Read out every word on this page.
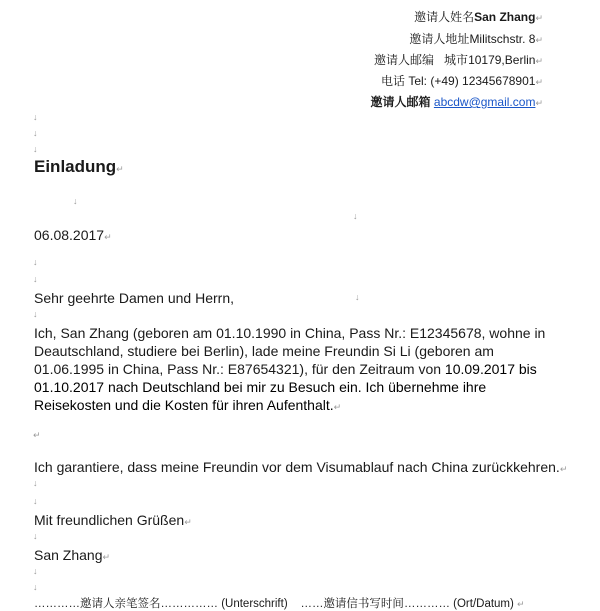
邀请人姓名San Zhang↵
邀请人地址Militschstr. 8↵
邀请人邮编 城市10179,Berlin↵
电话 Tel: (+49) 12345678901↵
邀请人邮箱 abcdw@gmail.com↵
↓
↓
↓
Einladung↵
↓
↓
06.08.2017↵
↓
↓
Sehr geehrte Damen und Herrn,	↓
↓
Ich, San Zhang (geboren am 01.10.1990 in China, Pass Nr.: E12345678, wohne in Deautschland, studiere bei Berlin), lade meine Freundin Si Li (geboren am 01.06.1995 in China, Pass Nr.: E87654321), für den Zeitraum von 10.09.2017 bis 01.10.2017 nach Deutschland bei mir zu Besuch ein. Ich übernehme ihre Reisekosten und die Kosten für ihren Aufenthalt.↵
↵
Ich garantiere, dass meine Freundin vor dem Visumablauf nach China zurückkehren.↵
↓
↓
Mit freundlichen Grüßen↵
↓
San Zhang↵
↓
↓
…………邀请人亲笔签名…………… (Unterschrift) ……邀请信书写时间………… (Ort/Datum) ↵
